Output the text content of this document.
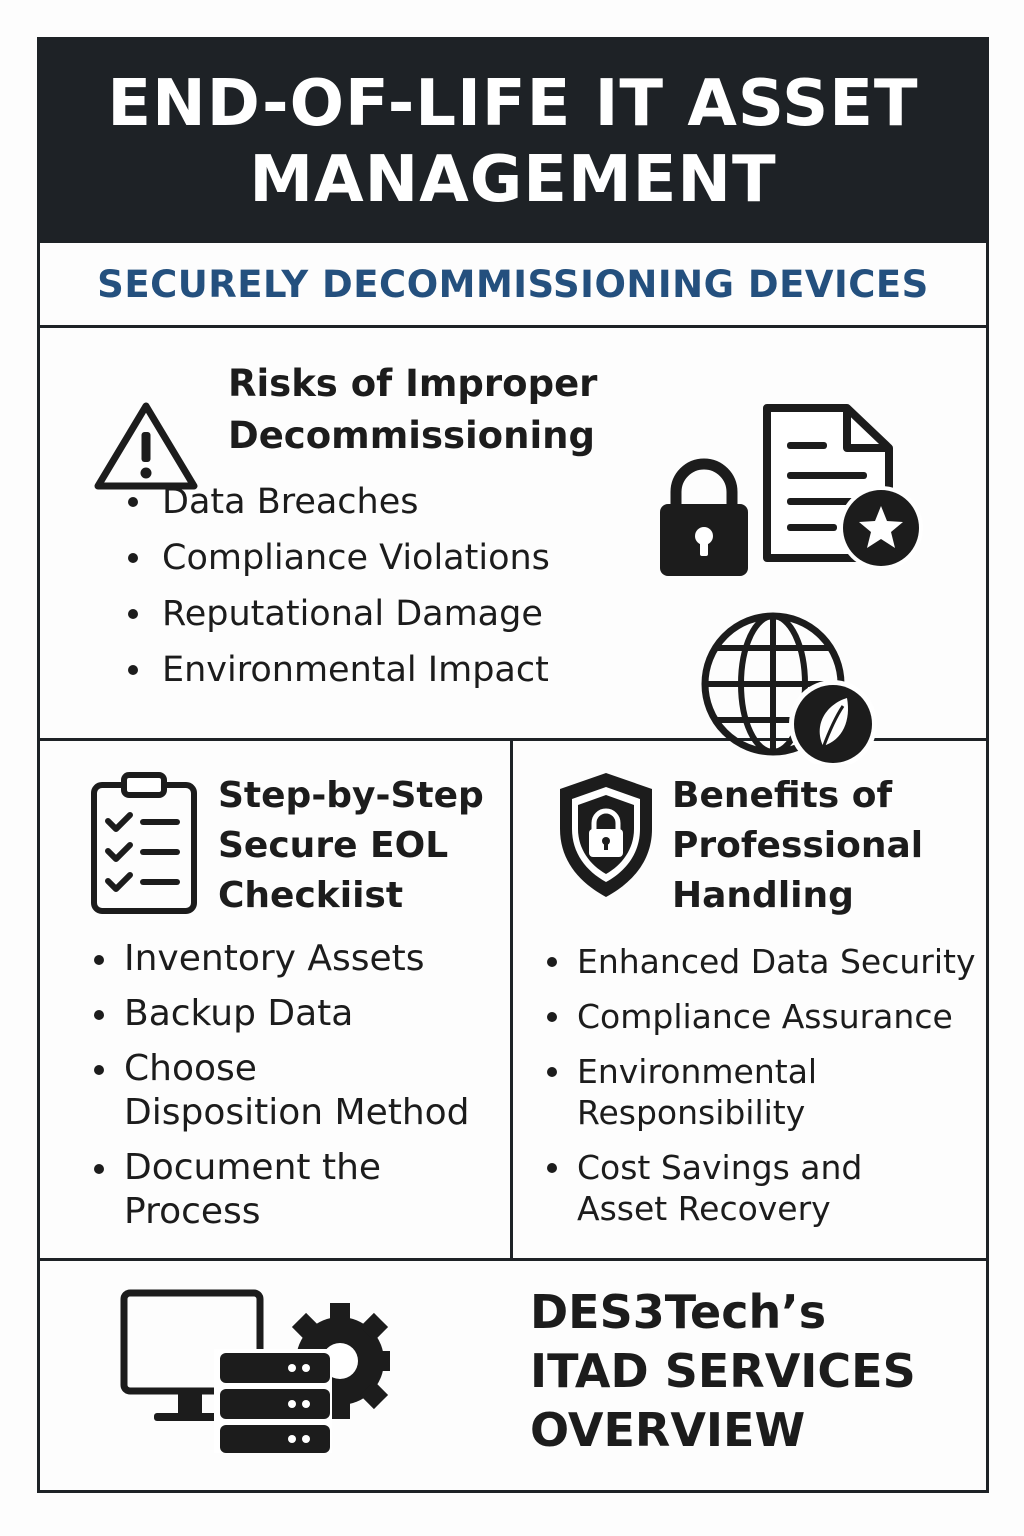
END-OF-LIFE IT ASSET
MANAGEMENT
SECURELY DECOMMISSIONING DEVICES
Risks of Improper
Decommissioning
Data Breaches
Compliance Violations
Reputational Damage
Environmental Impact
Step-by-Step
Secure EOL
Checkiist
Inventory Assets
Backup Data
Choose
Disposition Method
Document the
Process
Benefits of
Professional
Handling
Enhanced Data Security
Compliance Assurance
Environmental
Responsibility
Cost Savings and
Asset Recovery
DES3Tech’s
ITAD SERVICES
OVERVIEW
